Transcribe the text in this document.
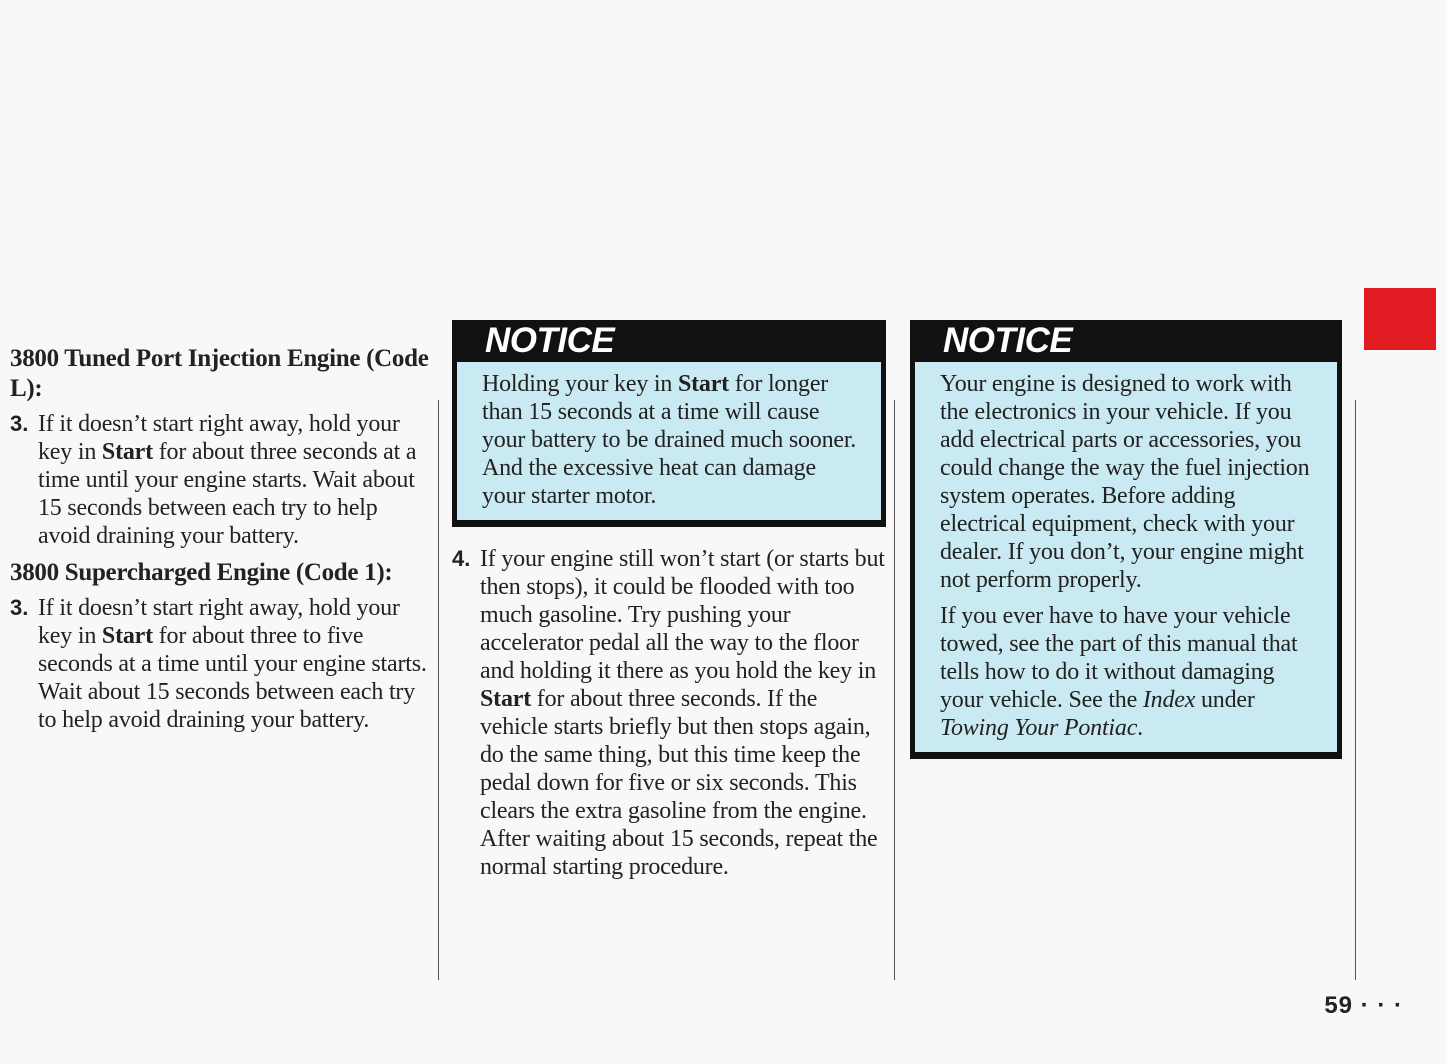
3800 Tuned Port Injection Engine (Code L):
3. If it doesn’t start right away, hold your key in Start for about three seconds at a time until your engine starts. Wait about 15 seconds between each try to help avoid draining your battery.
3800 Supercharged Engine (Code 1):
3. If it doesn’t start right away, hold your key in Start for about three to five seconds at a time until your engine starts. Wait about 15 seconds between each try to help avoid draining your battery.
NOTICE

Holding your key in Start for longer than 15 seconds at a time will cause your battery to be drained much sooner. And the excessive heat can damage your starter motor.

4. If your engine still won’t start (or starts but then stops), it could be flooded with too much gasoline. Try pushing your accelerator pedal all the way to the floor and holding it there as you hold the key in Start for about three seconds. If the vehicle starts briefly but then stops again, do the same thing, but this time keep the pedal down for five or six seconds. This clears the extra gasoline from the engine. After waiting about 15 seconds, repeat the normal starting procedure.
NOTICE

Your engine is designed to work with the electronics in your vehicle. If you add electrical parts or accessories, you could change the way the fuel injection system operates. Before adding electrical equipment, check with your dealer. If you don’t, your engine might not perform properly.

If you ever have to have your vehicle towed, see the part of this manual that tells how to do it without damaging your vehicle. See the Index under Towing Your Pontiac.

59 · · ·
